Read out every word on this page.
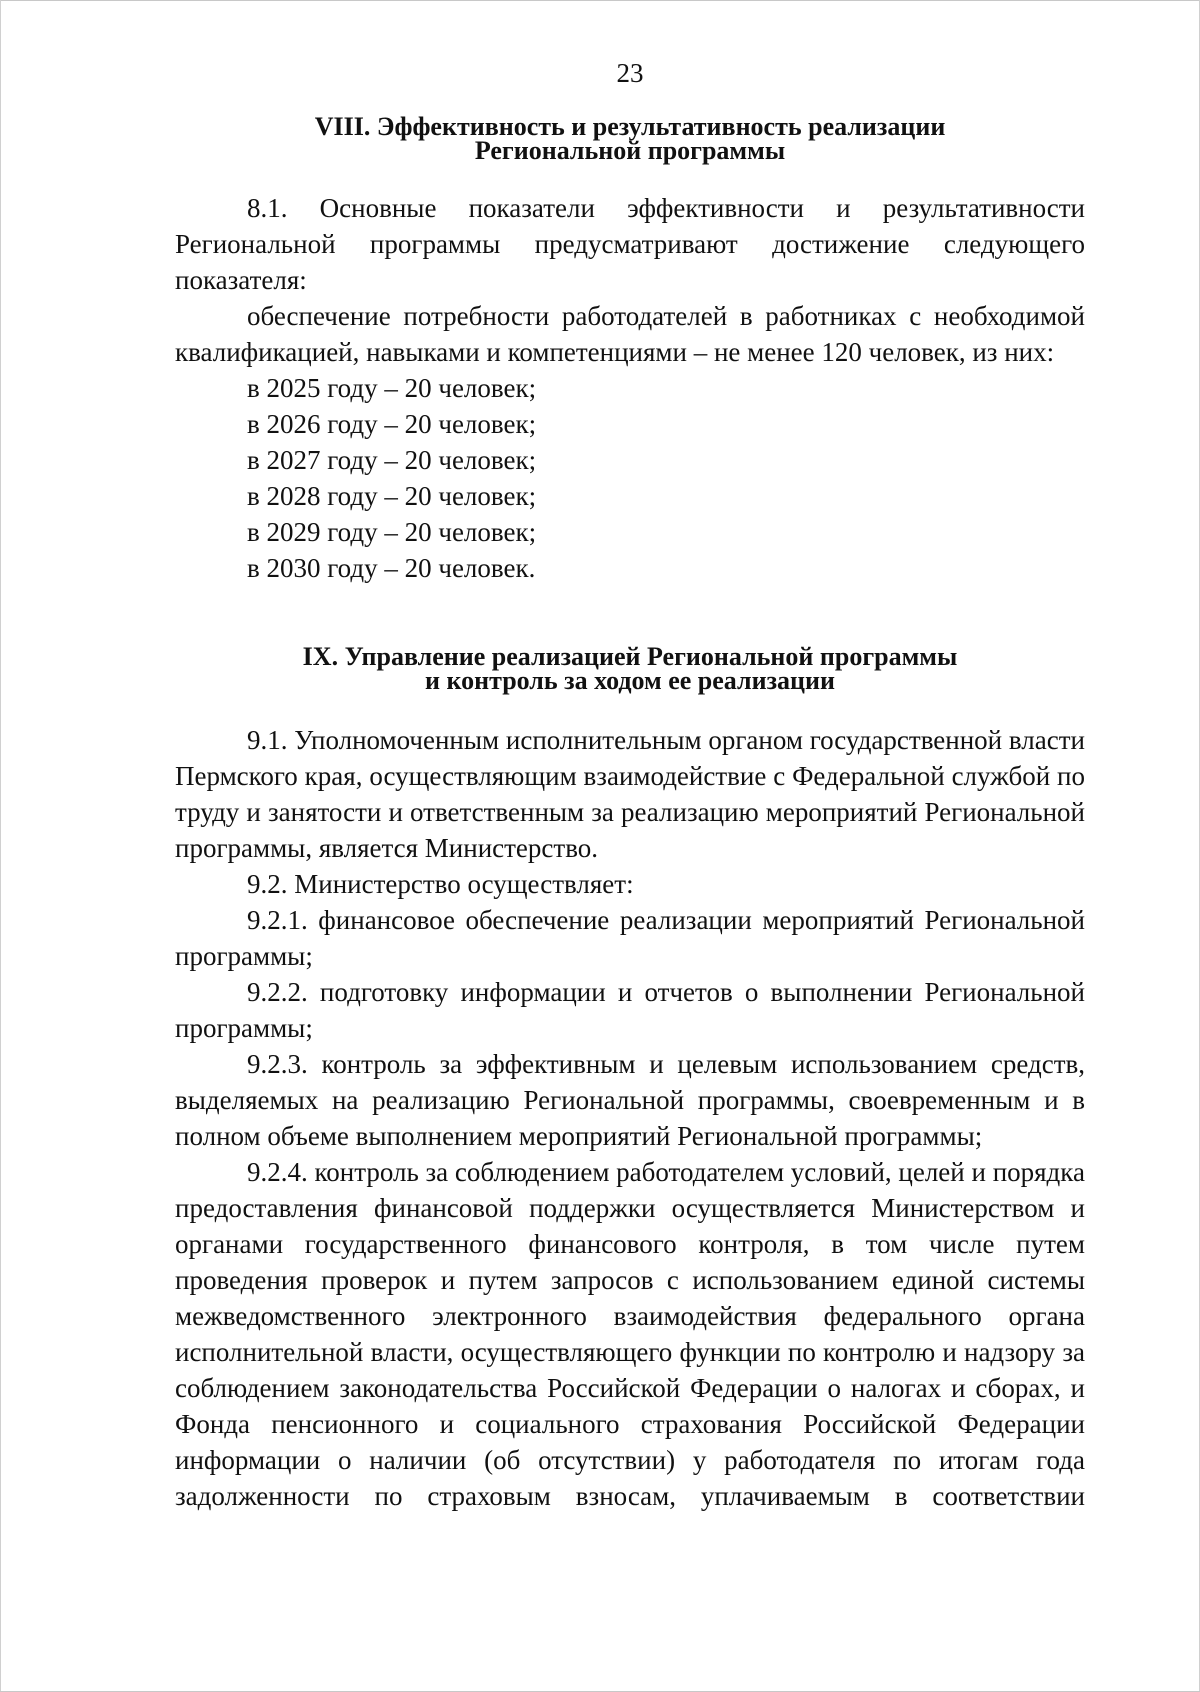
23
VIII. Эффективность и результативность реализации
Региональной программы

8.1. Основные показатели эффективности и результативности Региональной программы предусматривают достижение следующего показателя:

обеспечение потребности работодателей в работниках с необходимой квалификацией, навыками и компетенциями – не менее 120 человек, из них:

в 2025 году – 20 человек;

в 2026 году – 20 человек;

в 2027 году – 20 человек;

в 2028 году – 20 человек;

в 2029 году – 20 человек;

в 2030 году – 20 человек.

IX. Управление реализацией Региональной программы
и контроль за ходом ее реализации

9.1. Уполномоченным исполнительным органом государственной власти Пермского края, осуществляющим взаимодействие с Федеральной службой по труду и занятости и ответственным за реализацию мероприятий Региональной программы, является Министерство.

9.2. Министерство осуществляет:

9.2.1. финансовое обеспечение реализации мероприятий Региональной программы;

9.2.2. подготовку информации и отчетов о выполнении Региональной программы;

9.2.3. контроль за эффективным и целевым использованием средств, выделяемых на реализацию Региональной программы, своевременным и в полном объеме выполнением мероприятий Региональной программы;

9.2.4. контроль за соблюдением работодателем условий, целей и порядка предоставления финансовой поддержки осуществляется Министерством и органами государственного финансового контроля, в том числе путем проведения проверок и путем запросов с использованием единой системы межведомственного электронного взаимодействия федерального органа исполнительной власти, осуществляющего функции по контролю и надзору за соблюдением законодательства Российской Федерации о налогах и сборах, и Фонда пенсионного и социального страхования Российской Федерации информации о наличии (об отсутствии) у работодателя по итогам года задолженности по страховым взносам, уплачиваемым в соответствии
